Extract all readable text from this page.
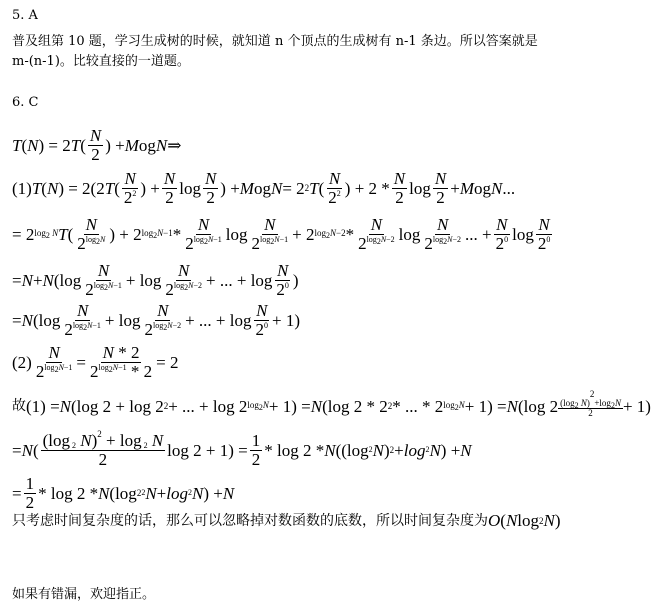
5. A
普及组第 10 题，学习生成树的时候，就知道 n 个顶点的生成树有 n-1 条边。所以答案就是
m-(n-1)。比较直接的一道题。
6. C
T ( N ) = 2 T ( $\frac{N}{2}$ ) + M og N ⇒
(1) T ( N ) = 2(2 T ( $\frac{N}{2^2}$ ) + $\frac{N}{2}$ $\log \frac{N}{2}$ ) + M og N = 2 2 T ( $\frac{N}{2^2}$ ) + $2 * \frac{N}{2}$ $\log \frac{N}{2} + M$ og N ...
= 2 $\log_2 N$ T ( $\frac{N}{2^{log_2N}}$ ) + 2 $\log_2N-1 * \frac{N}{2^{log_2N-1}}$ $\log \frac{N}{2^{log_2N-1}} + 2$ $\log_2N-2 * \frac{N}{2^{log_2N-2}}$ $\log \frac{N}{2^{log_2N-2}}$ ... + $\frac{N}{2^0}$ $\log \frac{N}{2^0}$
= N + N ($\log \frac{N}{2^{log_2N-1}} + \log \frac{N}{2^{log_2N-2}}$ + ... + $\log \frac{N}{2^0}$ )
= N ($\log \frac{N}{2^{log_2N-1}} + \log \frac{N}{2^{log_2N-2}}$ + ... + $\log \frac{N}{2^0} + 1$)
$(2) \frac{N}{2^{log_2N-1}} = \frac{N * 2}{2^{log_2N-1} * 2} = 2$
故 (1) = N (log 2 + log 2 2 + ... + log 2 $\log_2N + 1) = N$ (log 2 * 2 2 * ... * 2 $\log_2N + 1) = N$ (log 2 ($\log_2$ $N)^2+\log_2N$
2 + 1)
= N ( $\frac{(\log _2 N)^2 + \log _2 N}{2}$ $\log 2 + 1) = \frac{1}{2} * \log 2 * N$ ((log 2 N ) 2 + log 2 N ) + N
= $\frac{1}{2}$ * log 2 * N (log 2 2 N + log 2 N ) + N
只考虑时间复杂度的话，那么可以忽略掉对数函数的底数，所以时间复杂度为 O ( N log 2 N )
如果有错漏，欢迎指正。
